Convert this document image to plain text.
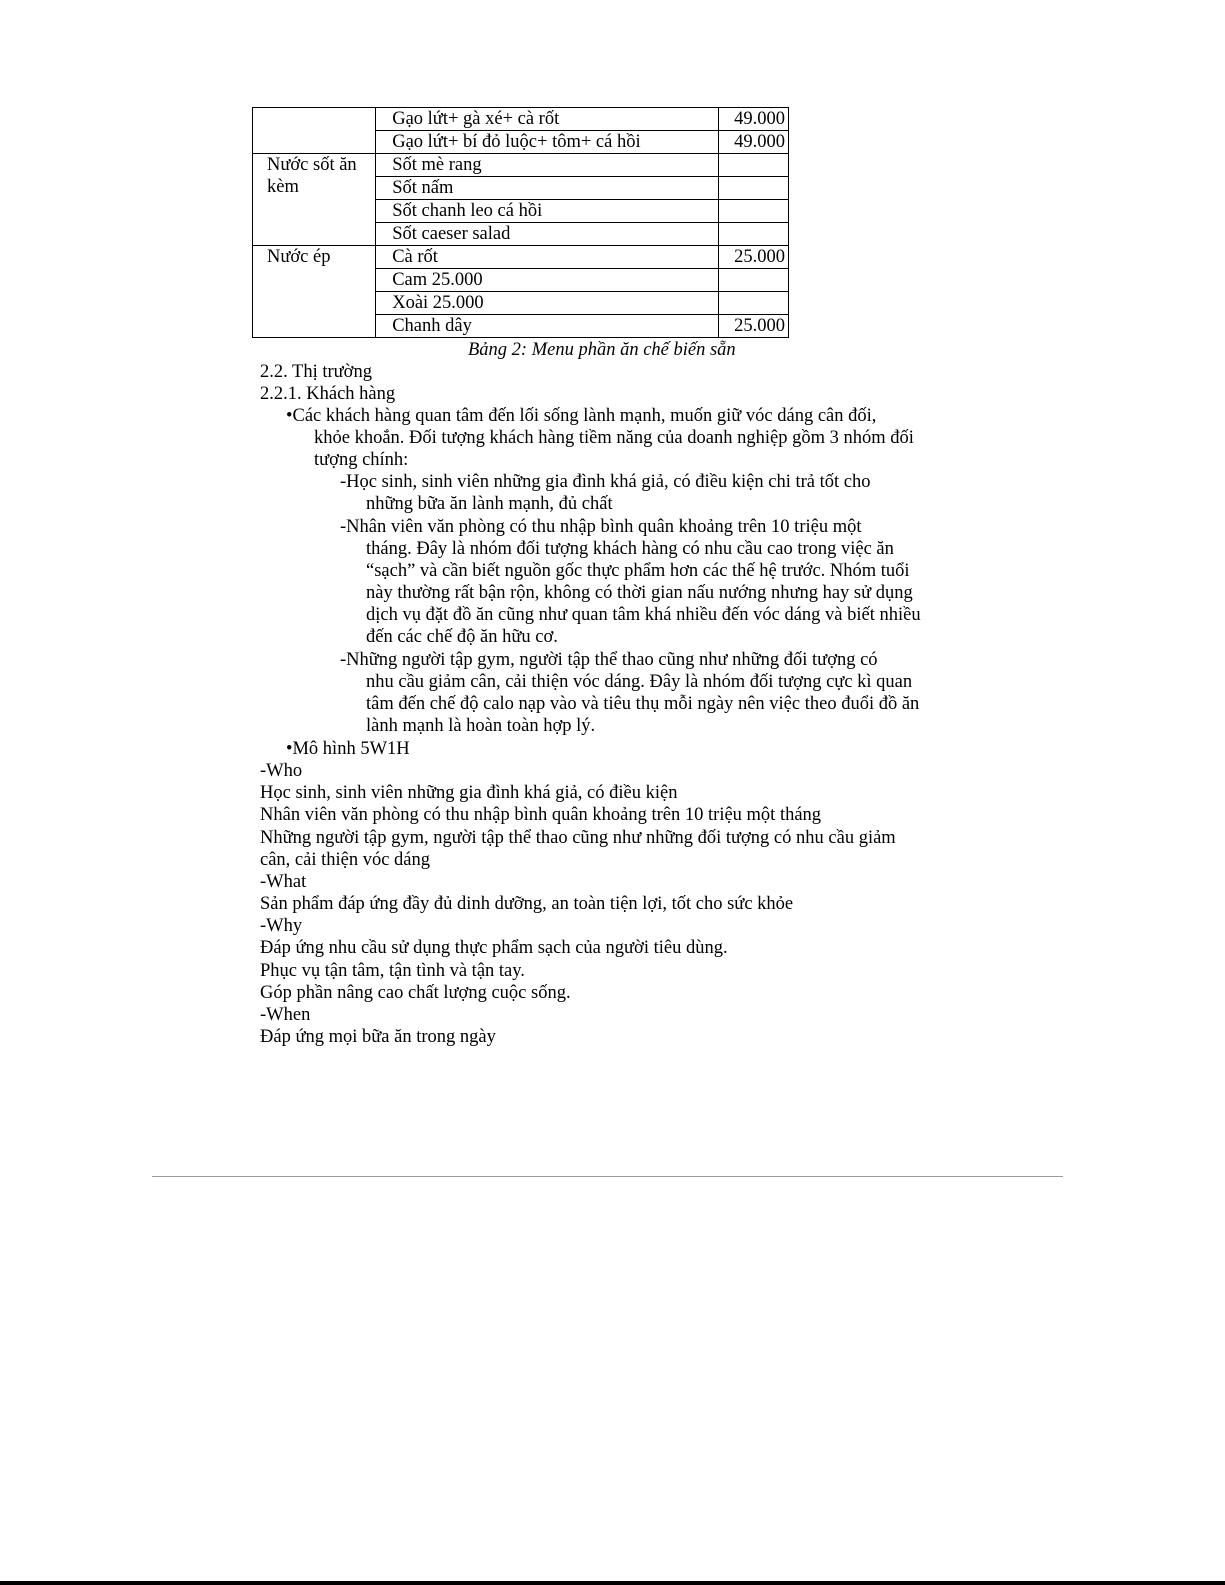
	Gạo lứt+ gà xé+ cà rốt	49.000
	Gạo lứt+ bí đỏ luộc+ tôm+ cá hồi	49.000
Nước sốt ăn kèm	Sốt mè rang	
	Sốt nấm	
	Sốt chanh leo cá hồi	
	Sốt caeser salad	
Nước ép	Cà rốt	25.000
	Cam 25.000	
	Xoài 25.000	
	Chanh dây	25.000
Bảng 2: Menu phần ăn chế biến sẵn
2.2. Thị trường
2.2.1. Khách hàng
•Các khách hàng quan tâm đến lối sống lành mạnh, muốn giữ vóc dáng cân đối,
khỏe khoắn. Đối tượng khách hàng tiềm năng của doanh nghiệp gồm 3 nhóm đối
tượng chính:
-Học sinh, sinh viên những gia đình khá giả, có điều kiện chi trả tốt cho
những bữa ăn lành mạnh, đủ chất
-Nhân viên văn phòng có thu nhập bình quân khoảng trên 10 triệu một
tháng. Đây là nhóm đối tượng khách hàng có nhu cầu cao trong việc ăn
“sạch” và cần biết nguồn gốc thực phẩm hơn các thế hệ trước. Nhóm tuổi
này thường rất bận rộn, không có thời gian nấu nướng nhưng hay sử dụng
dịch vụ đặt đồ ăn cũng như quan tâm khá nhiều đến vóc dáng và biết nhiều
đến các chế độ ăn hữu cơ.
-Những người tập gym, người tập thể thao cũng như những đối tượng có
nhu cầu giảm cân, cải thiện vóc dáng. Đây là nhóm đối tượng cực kì quan
tâm đến chế độ calo nạp vào và tiêu thụ mỗi ngày nên việc theo đuổi đồ ăn
lành mạnh là hoàn toàn hợp lý.
•Mô hình 5W1H
-Who
Học sinh, sinh viên những gia đình khá giả, có điều kiện
Nhân viên văn phòng có thu nhập bình quân khoảng trên 10 triệu một tháng
Những người tập gym, người tập thể thao cũng như những đối tượng có nhu cầu giảm
cân, cải thiện vóc dáng
-What
Sản phẩm đáp ứng đầy đủ dinh dưỡng, an toàn tiện lợi, tốt cho sức khỏe
-Why
Đáp ứng nhu cầu sử dụng thực phẩm sạch của người tiêu dùng.
Phục vụ tận tâm, tận tình và tận tay.
Góp phần nâng cao chất lượng cuộc sống.
-When
Đáp ứng mọi bữa ăn trong ngày
